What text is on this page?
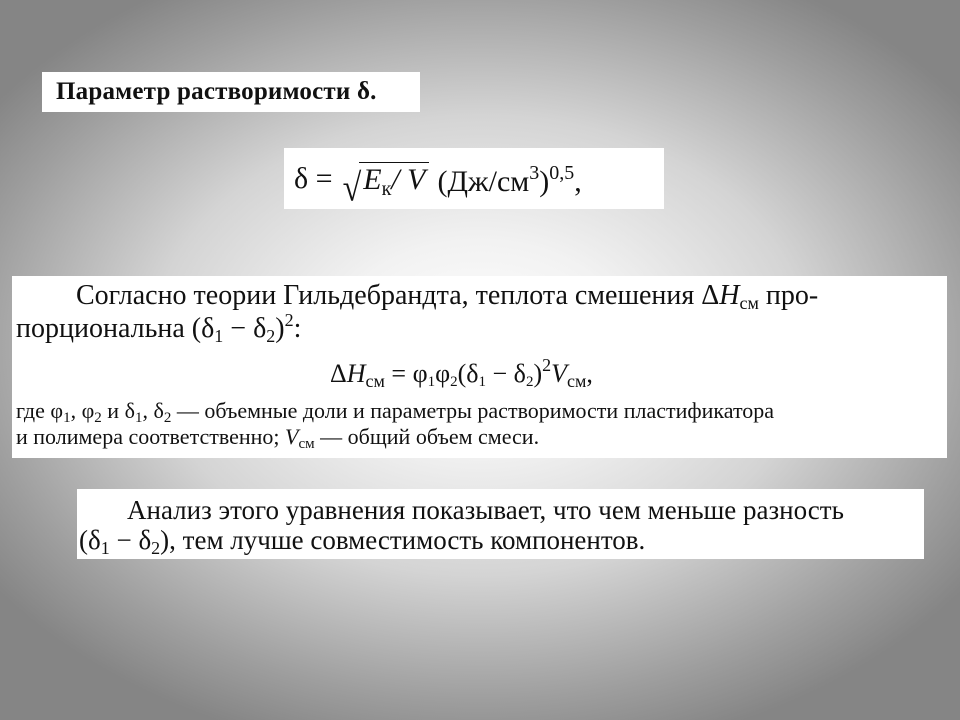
Параметр растворимости δ.
δ = √ $E_к/$ V $(Дж/см^3)^{0,5}$,
Согласно теории Гильдебрандта, теплота смешения ΔHсм про-
порциональна $(\delta 1 - \delta 2)^2$:
$\Delta Hсм = \varphi 1\varphi 2(\delta 1 - \delta 2)^2Vсм$,
где φ1, φ2 и δ1, δ2 — объемные доли и параметры растворимости пластификатора
и полимера соответственно; Vсм — общий объем смеси.
Анализ этого уравнения показывает, что чем меньше разность
(δ1 − δ2), тем лучше совместимость компонентов.
